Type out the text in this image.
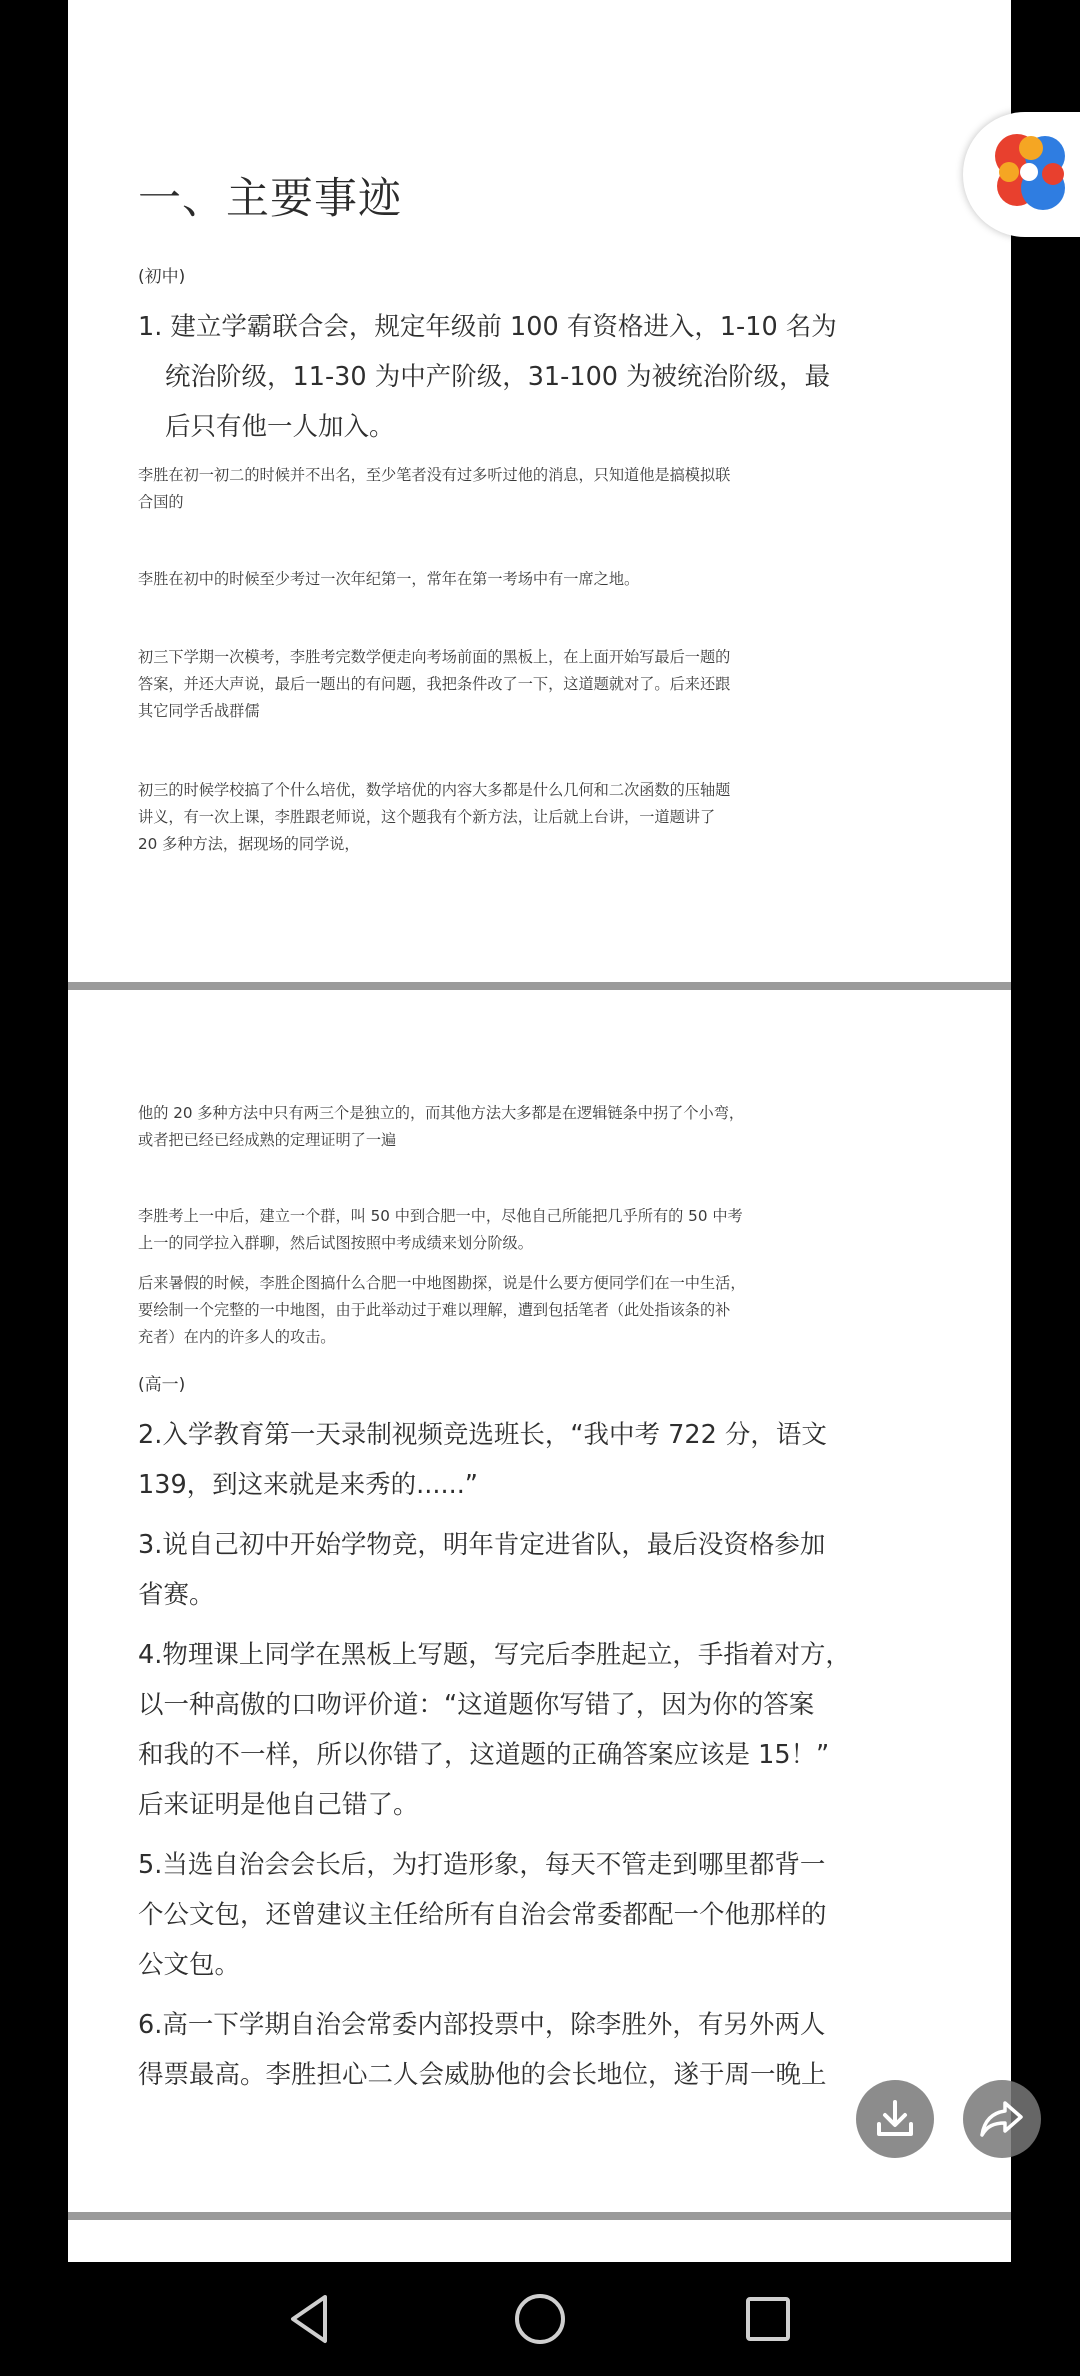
一、主要事迹
(初中)
1. 建立学霸联合会，规定年级前 100 有资格进入，1-10 名为
统治阶级，11-30 为中产阶级，31-100 为被统治阶级，最
后只有他一人加入。
李胜在初一初二的时候并不出名，至少笔者没有过多听过他的消息，只知道他是搞模拟联
合国的
李胜在初中的时候至少考过一次年纪第一，常年在第一考场中有一席之地。
初三下学期一次模考，李胜考完数学便走向考场前面的黑板上，在上面开始写最后一题的
答案，并还大声说，最后一题出的有问题，我把条件改了一下，这道题就对了。后来还跟
其它同学舌战群儒
初三的时候学校搞了个什么培优，数学培优的内容大多都是什么几何和二次函数的压轴题
讲义，有一次上课，李胜跟老师说，这个题我有个新方法，让后就上台讲，一道题讲了
20 多种方法，据现场的同学说，
他的 20 多种方法中只有两三个是独立的，而其他方法大多都是在逻辑链条中拐了个小弯，
或者把已经已经成熟的定理证明了一遍
李胜考上一中后，建立一个群，叫 50 中到合肥一中，尽他自己所能把几乎所有的 50 中考
上一的同学拉入群聊，然后试图按照中考成绩来划分阶级。
后来暑假的时候，李胜企图搞什么合肥一中地图勘探，说是什么要方便同学们在一中生活，
要绘制一个完整的一中地图，由于此举动过于难以理解，遭到包括笔者（此处指该条的补
充者）在内的许多人的攻击。
(高一)
2.入学教育第一天录制视频竞选班长，“我中考 722 分，语文
139，到这来就是来秀的......”
3.说自己初中开始学物竞，明年肯定进省队，最后没资格参加
省赛。
4.物理课上同学在黑板上写题，写完后李胜起立，手指着对方，
以一种高傲的口吻评价道：“这道题你写错了，因为你的答案
和我的不一样，所以你错了，这道题的正确答案应该是 15！”
后来证明是他自己错了。
5.当选自治会会长后，为打造形象，每天不管走到哪里都背一
个公文包，还曾建议主任给所有自治会常委都配一个他那样的
公文包。
6.高一下学期自治会常委内部投票中，除李胜外，有另外两人
得票最高。李胜担心二人会威胁他的会长地位，遂于周一晚上
